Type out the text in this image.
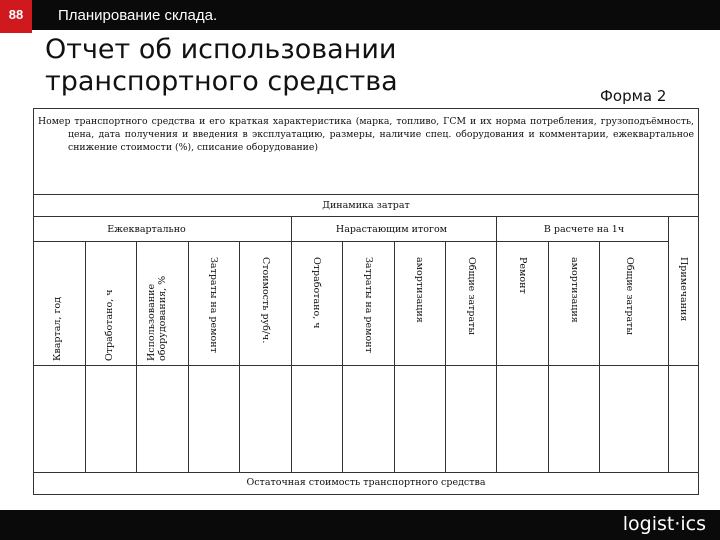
88	Планирование склада.
Отчет об использовании транспортного средства	Форма 2
Номер транспортного средства и его краткая характеристика (марка, топливо, ГСМ и их норма потребления, грузоподъёмность, цена, дата получения и введения в эксплуатацию, размеры, наличие спец. оборудования и комментарии, ежеквартальное снижение стоимости (%), списание оборудование)
Динамика затрат
Ежеквартально	Нарастающим итогом	В расчете на 1ч
Квартал, год	Отработано, ч	Использование оборудования, %	Затраты на ремонт	Стоимость руб/ч.	Отработано, ч	Затраты на ремонт	амортизация	Общие затраты	Ремонт	амортизация	Общие затраты	Примечания
Остаточная стоимость транспортного средства
logist·ics
